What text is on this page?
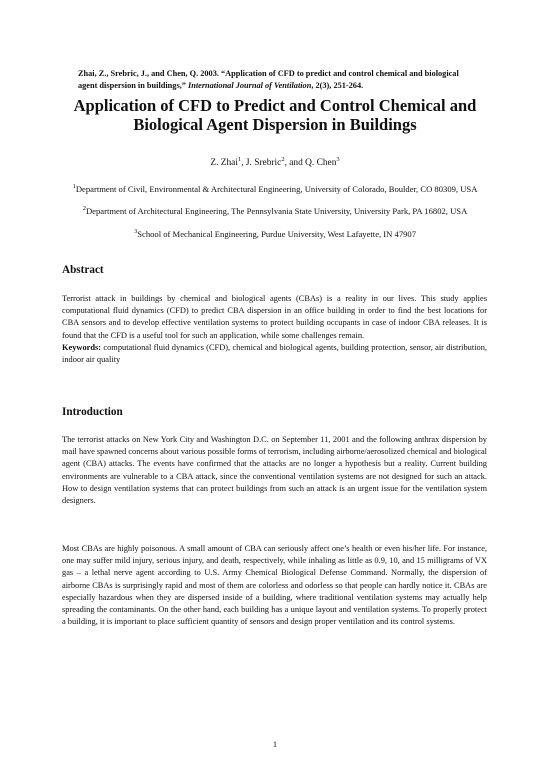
Zhai, Z., Srebric, J., and Chen, Q. 2003. “Application of CFD to predict and control chemical and biological agent dispersion in buildings,” International Journal of Ventilation, 2(3), 251-264.
Application of CFD to Predict and Control Chemical and Biological Agent Dispersion in Buildings
Z. Zhai$^1$, J. Srebric$^2$, and Q. Chen$^3$
$^1$Department of Civil, Environmental & Architectural Engineering, University of Colorado, Boulder, CO 80309, USA
$^2$Department of Architectural Engineering, The Pennsylvania State University, University Park, PA 16802, USA
$^3$School of Mechanical Engineering, Purdue University, West Lafayette, IN 47907
Abstract

Terrorist attack in buildings by chemical and biological agents (CBAs) is a reality in our lives. This study applies computational fluid dynamics (CFD) to predict CBA dispersion in an office building in order to find the best locations for CBA sensors and to develop effective ventilation systems to protect building occupants in case of indoor CBA releases. It is found that the CFD is a useful tool for such an application, while some challenges remain.

Keywords: computational fluid dynamics (CFD), chemical and biological agents, building protection, sensor, air distribution, indoor air quality

Introduction

The terrorist attacks on New York City and Washington D.C. on September 11, 2001 and the following anthrax dispersion by mail have spawned concerns about various possible forms of terrorism, including airborne/aerosolized chemical and biological agent (CBA) attacks. The events have confirmed that the attacks are no longer a hypothesis but a reality. Current building environments are vulnerable to a CBA attack, since the conventional ventilation systems are not designed for such an attack. How to design ventilation systems that can protect buildings from such an attack is an urgent issue for the ventilation system designers.

Most CBAs are highly poisonous. A small amount of CBA can seriously affect one’s health or even his/her life. For instance, one may suffer mild injury, serious injury, and death, respectively, while inhaling as little as 0.9, 10, and 15 milligrams of VX gas – a lethal nerve agent according to U.S. Army Chemical Biological Defense Command. Normally, the dispersion of airborne CBAs is surprisingly rapid and most of them are colorless and odorless so that people can hardly notice it. CBAs are especially hazardous when they are dispersed inside of a building, where traditional ventilation systems may actually help spreading the contaminants. On the other hand, each building has a unique layout and ventilation systems. To properly protect a building, it is important to place sufficient quantity of sensors and design proper ventilation and its control systems.

1
